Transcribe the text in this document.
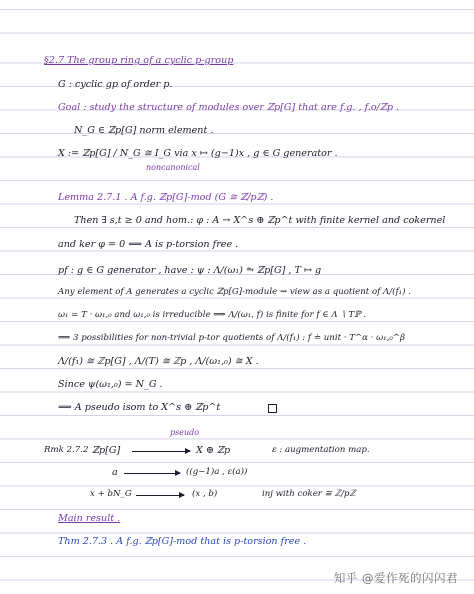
§2.7 The group ring of a cyclic p-group
G : cyclic gp of order p.
Goal : study the structure of modules over ℤp[G] that are f.g. , f.o/ℤp .
N_G ∈ ℤp[G] norm element .
X := ℤp[G] / N_G ≅ I_G via x ↦ (g−1)x , g ∈ G generator .
noncanonical
Lemma 2.7.1 . A f.g. ℤp[G]-mod (G ≅ ℤ/pℤ) .
Then ∃ s,t ≥ 0 and hom.: φ : A → X^s ⊕ ℤp^t with finite kernel and cokernel
and ker φ = 0 ⟺ A is p-torsion free .
pf : g ∈ G generator , have : ψ : Λ/(ω₁) ⥲ ℤp[G] , T ↦ g
Any element of A generates a cyclic ℤp[G]-module ⇝ view as a quotient of Λ/(f₁) .
ω₁ = T · ω₁,₀ and ω₁,₀ is irreducible ⟹ Λ/(ω₁, f) is finite for f ∈ Λ ∖ Tℙ .
⟹ 3 possibilities for non-trivial p-tor quotients of Λ/(f₁) : f ≐ unit · T^α · ω₁,₀^β
Λ/(f₁) ≅ ℤp[G] , Λ/(T) ≅ ℤp , Λ/(ω₁,₀) ≅ X .
Since ψ(ω₁,₀) = N_G .
⟹ A pseudo isom to X^s ⊕ ℤp^t
Rmk 2.7.2 ℤp[G]
pseudo
X ⊕ ℤp	ε : augmentation map.
a	((g−1)a , ε(a))
x + bN_G	(x , b)	inj with coker ≅ ℤ/pℤ
Main result .
Thm 2.7.3 . A f.g. ℤp[G]-mod that is p-torsion free .
知乎 @爱作死的闪闪君
